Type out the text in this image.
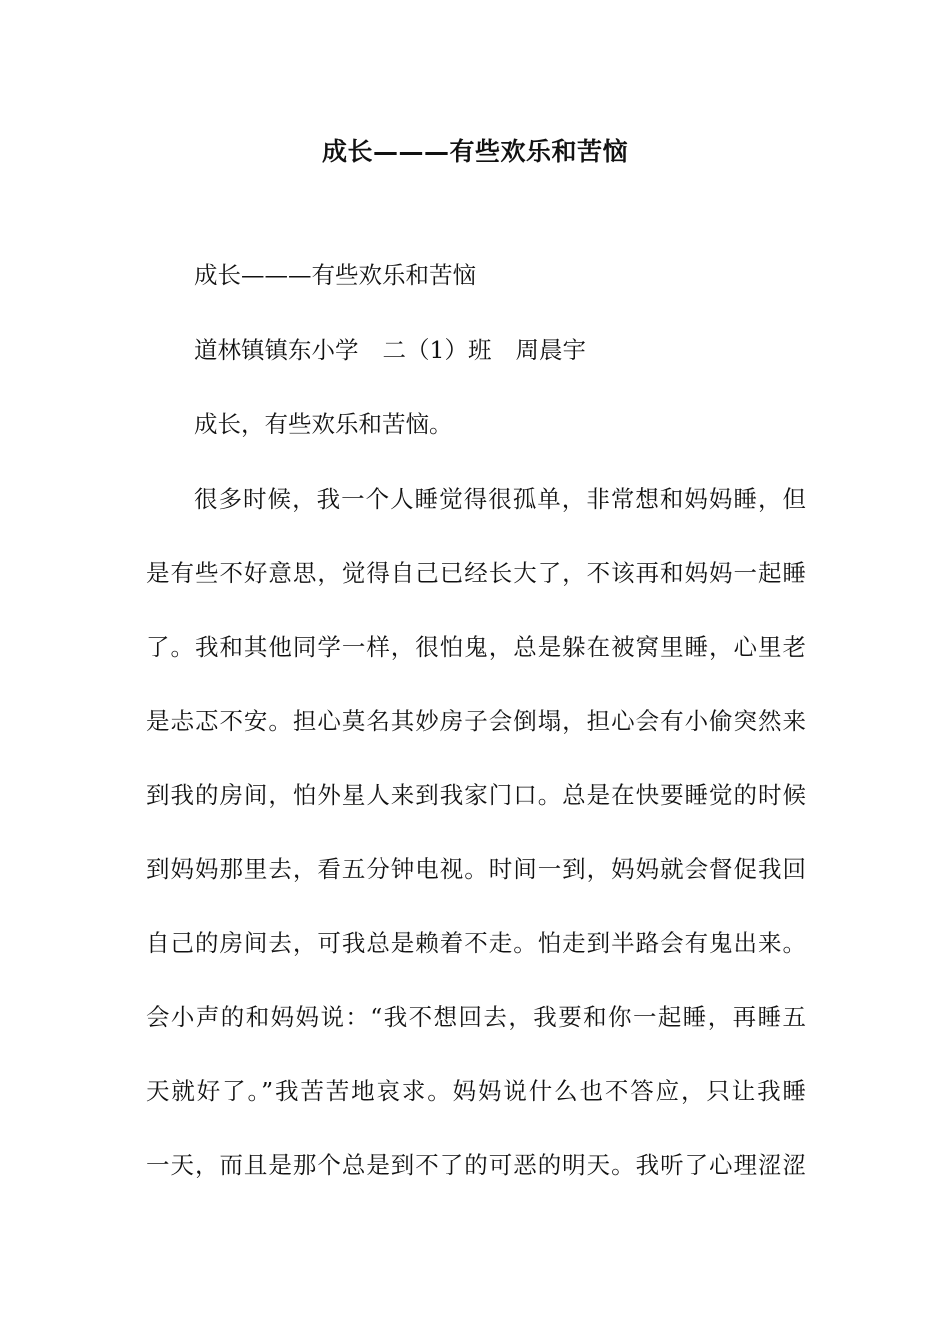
成长———有些欢乐和苦恼

成长———有些欢乐和苦恼

道林镇镇东小学 二（1）班 周晨宇

成长，有些欢乐和苦恼。

很多时候，我一个人睡觉得很孤单，非常想和妈妈睡，但

是有些不好意思，觉得自己已经长大了，不该再和妈妈一起睡

了。我和其他同学一样，很怕鬼，总是躲在被窝里睡，心里老

是忐忑不安。担心莫名其妙房子会倒塌，担心会有小偷突然来

到我的房间，怕外星人来到我家门口。总是在快要睡觉的时候

到妈妈那里去，看五分钟电视。时间一到，妈妈就会督促我回

自己的房间去，可我总是赖着不走。怕走到半路会有鬼出来。

会小声的和妈妈说：“我不想回去，我要和你一起睡，再睡五

天就好了。”我苦苦地哀求。妈妈说什么也不答应，只让我睡

一天，而且是那个总是到不了的可恶的明天。我听了心理涩涩
